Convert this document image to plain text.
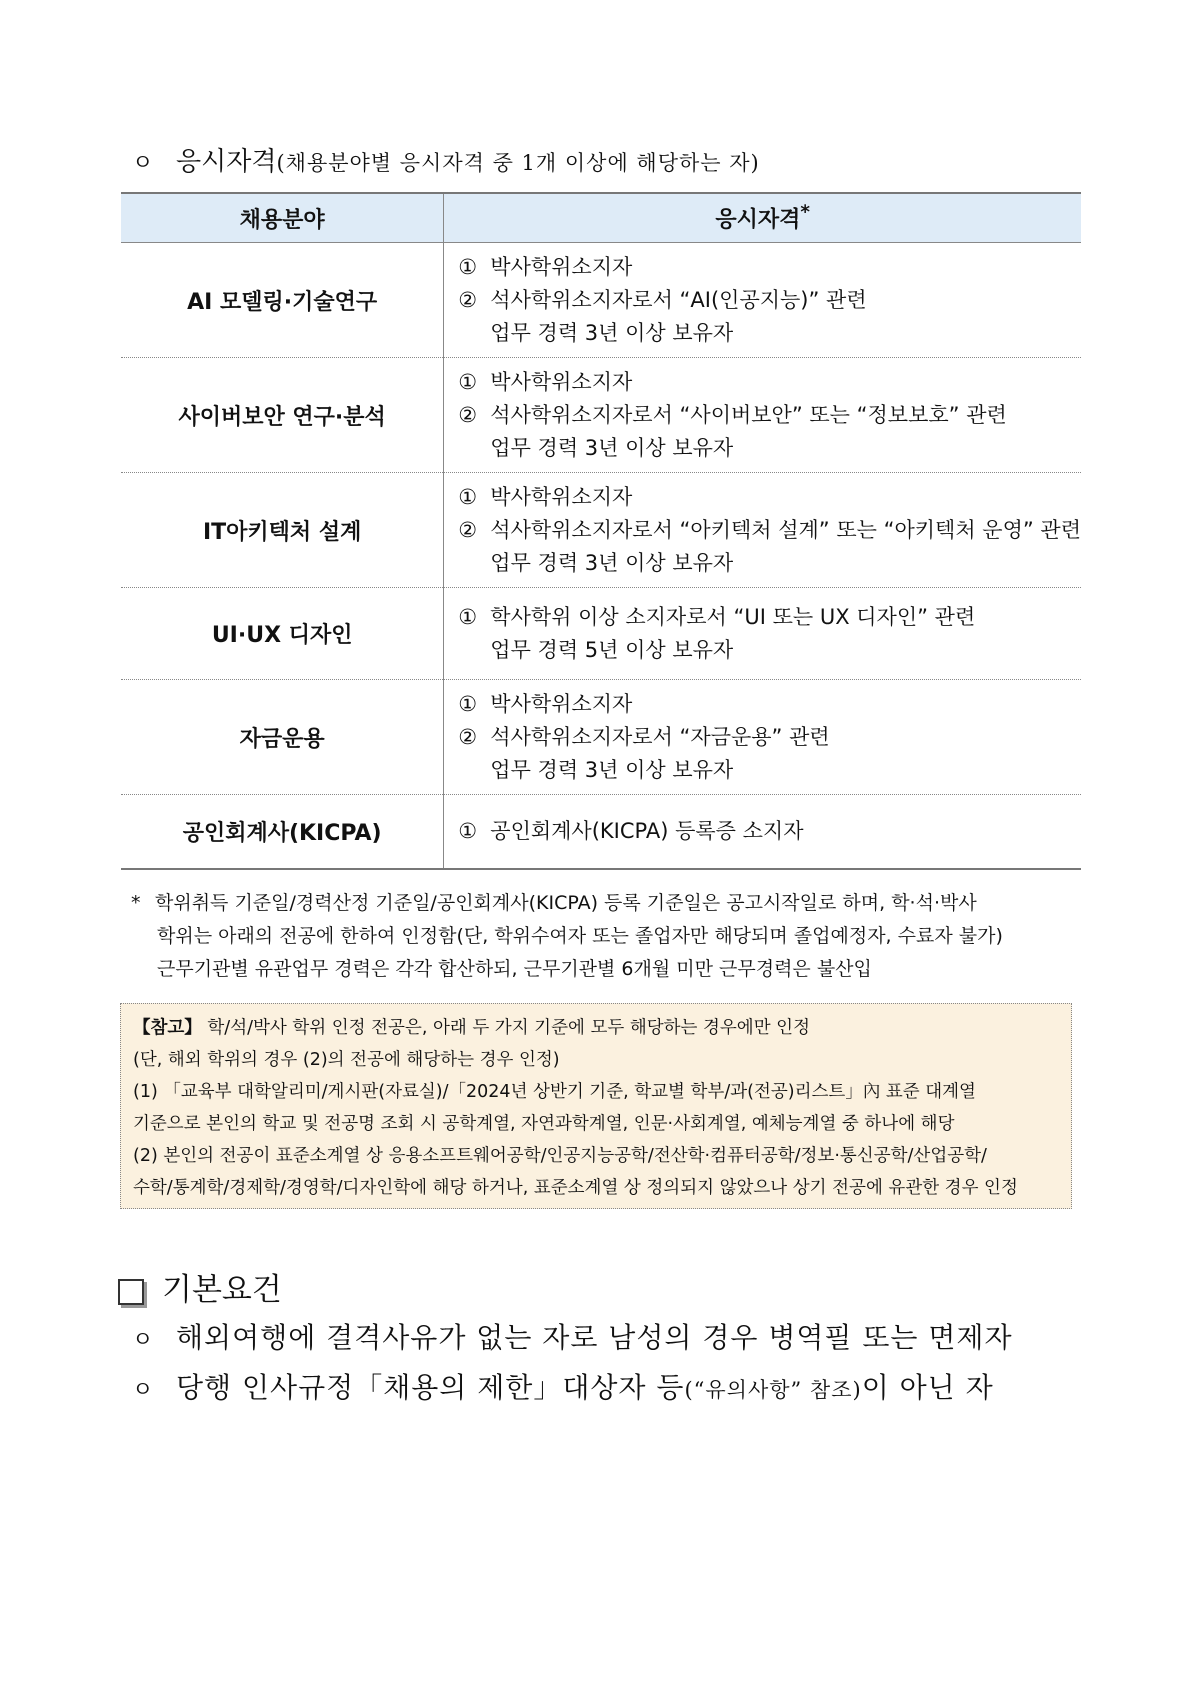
ㅇ 응시자격(채용분야별 응시자격 중 1개 이상에 해당하는 자)
채용분야	응시자격*
AI 모델링·기술연구	① 박사학위소지자
② 석사학위소지자로서 “AI(인공지능)” 관련
업무 경력 3년 이상 보유자

사이버보안 연구·분석	① 박사학위소지자
② 석사학위소지자로서 “사이버보안” 또는 “정보보호” 관련
업무 경력 3년 이상 보유자

IT아키텍처 설계	① 박사학위소지자
② 석사학위소지자로서 “아키텍처 설계” 또는 “아키텍처 운영” 관련
업무 경력 3년 이상 보유자

UI·UX 디자인	① 학사학위 이상 소지자로서 “UI 또는 UX 디자인” 관련
업무 경력 5년 이상 보유자

자금운용	① 박사학위소지자
② 석사학위소지자로서 “자금운용” 관련
업무 경력 3년 이상 보유자

공인회계사(KICPA)	① 공인회계사(KICPA) 등록증 소지자
* 학위취득 기준일/경력산정 기준일/공인회계사(KICPA) 등록 기준일은 공고시작일로 하며, 학·석·박사
학위는 아래의 전공에 한하여 인정함(단, 학위수여자 또는 졸업자만 해당되며 졸업예정자, 수료자 불가)
근무기관별 유관업무 경력은 각각 합산하되, 근무기관별 6개월 미만 근무경력은 불산입
【참고】 학/석/박사 학위 인정 전공은, 아래 두 가지 기준에 모두 해당하는 경우에만 인정
(단, 해외 학위의 경우 (2)의 전공에 해당하는 경우 인정)
(1) 「교육부 대학알리미/게시판(자료실)/「2024년 상반기 기준, 학교별 학부/과(전공)리스트」內 표준 대계열
기준으로 본인의 학교 및 전공명 조회 시 공학계열, 자연과학계열, 인문·사회계열, 예체능계열 중 하나에 해당
(2) 본인의 전공이 표준소계열 상 응용소프트웨어공학/인공지능공학/전산학·컴퓨터공학/정보·통신공학/산업공학/
수학/통계학/경제학/경영학/디자인학에 해당 하거나, 표준소계열 상 정의되지 않았으나 상기 전공에 유관한 경우 인정
기본요건
ㅇ 해외여행에 결격사유가 없는 자로 남성의 경우 병역필 또는 면제자
ㅇ 당행 인사규정「채용의 제한」대상자 등(“유의사항” 참조)이 아닌 자
